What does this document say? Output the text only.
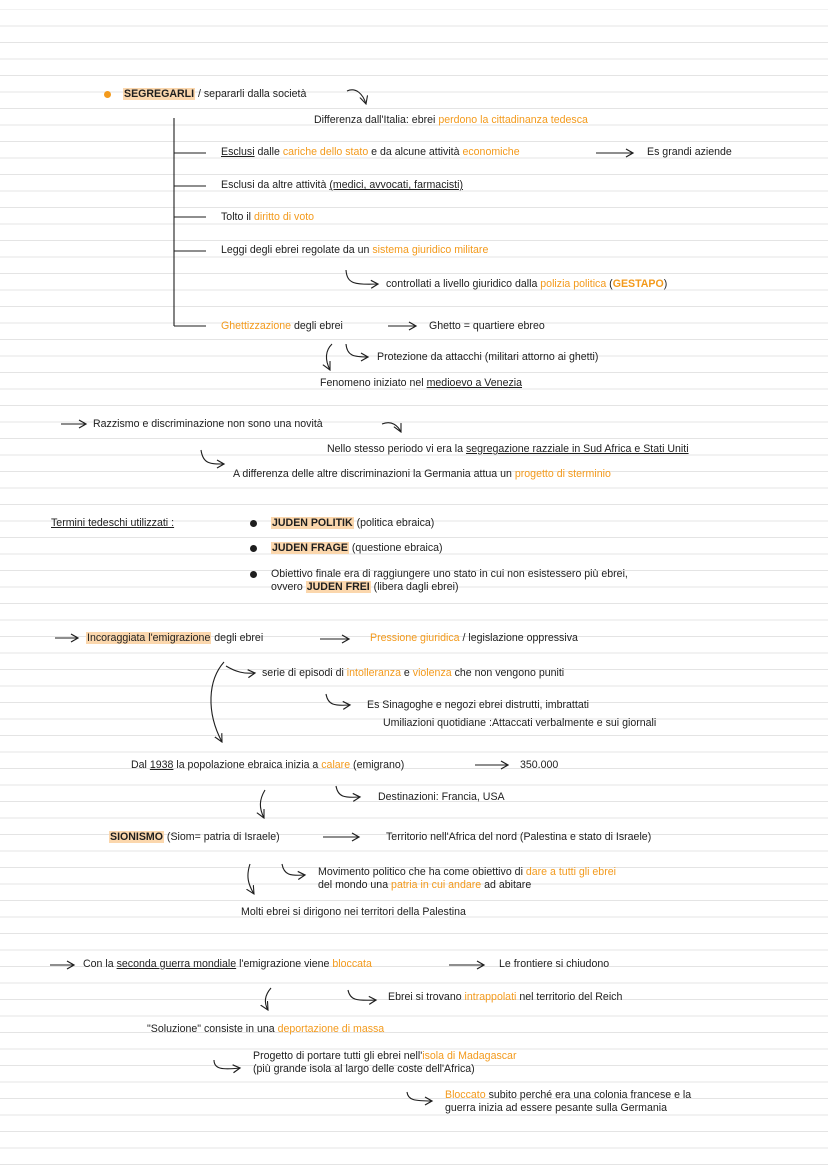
SEGREGARLI / separarli dalla società
Differenza dall'Italia: ebrei perdono la cittadinanza tedesca
Esclusi dalle cariche dello stato e da alcune attività economiche	Es grandi aziende
Esclusi da altre attività (medici, avvocati, farmacisti)
Tolto il diritto di voto
Leggi degli ebrei regolate da un sistema giuridico militare
controllati a livello giuridico dalla polizia politica (GESTAPO)
Ghettizzazione degli ebrei	Ghetto = quartiere ebreo
Protezione da attacchi (militari attorno ai ghetti)
Fenomeno iniziato nel medioevo a Venezia
Razzismo e discriminazione non sono una novità
Nello stesso periodo vi era la segregazione razziale in Sud Africa e Stati Uniti
A differenza delle altre discriminazioni la Germania attua un progetto di sterminio
Termini tedeschi utilizzati :	JUDEN POLITIK (politica ebraica)
JUDEN FRAGE (questione ebraica)
Obiettivo finale era di raggiungere uno stato in cui non esistessero più ebrei,
ovvero JUDEN FREI (libera dagli ebrei)
Incoraggiata l'emigrazione degli ebrei	Pressione giuridica / legislazione oppressiva
serie di episodi di intolleranza e violenza che non vengono puniti
Es Sinagoghe e negozi ebrei distrutti, imbrattati
Umiliazioni quotidiane :Attaccati verbalmente e sui giornali
Dal 1938 la popolazione ebraica inizia a calare (emigrano)	350.000
Destinazioni: Francia, USA
SIONISMO (Siom= patria di Israele)	Territorio nell'Africa del nord (Palestina e stato di Israele)
Movimento politico che ha come obiettivo di dare a tutti gli ebrei
del mondo una patria in cui andare ad abitare
Molti ebrei si dirigono nei territori della Palestina
Con la seconda guerra mondiale l'emigrazione viene bloccata	Le frontiere si chiudono
Ebrei si trovano intrappolati nel territorio del Reich
"Soluzione" consiste in una deportazione di massa
Progetto di portare tutti gli ebrei nell'isola di Madagascar
(più grande isola al largo delle coste dell'Africa)
Bloccato subito perché era una colonia francese e la
guerra inizia ad essere pesante sulla Germania
